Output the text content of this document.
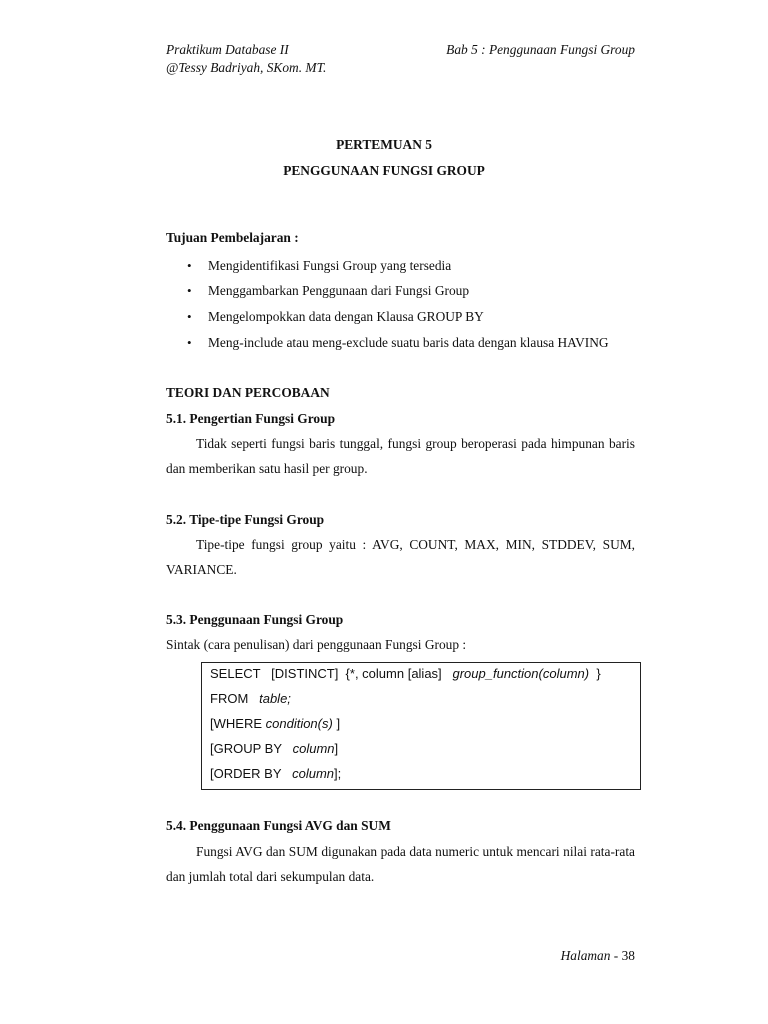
Praktikum Database II
@Tessy Badriyah, SKom. MT.
Bab 5 : Penggunaan Fungsi Group
PERTEMUAN 5
PENGGUNAAN FUNGSI GROUP
Tujuan Pembelajaran :
• Mengidentifikasi Fungsi Group yang tersedia
• Menggambarkan Penggunaan dari Fungsi Group
• Mengelompokkan data dengan Klausa GROUP BY
• Meng-include atau meng-exclude suatu baris data dengan klausa HAVING
TEORI DAN PERCOBAAN
5.1. Pengertian Fungsi Group
Tidak seperti fungsi baris tunggal, fungsi group beroperasi pada himpunan baris dan memberikan satu hasil per group.
5.2. Tipe-tipe Fungsi Group
Tipe-tipe fungsi group yaitu : AVG, COUNT, MAX, MIN, STDDEV, SUM, VARIANCE.
5.3. Penggunaan Fungsi Group
Sintak (cara penulisan) dari penggunaan Fungsi Group :
SELECT   [DISTINCT]  {*, column [alias]   group_function(column)  }
FROM   table;
[WHERE condition(s) ]
[GROUP BY   column]
[ORDER BY   column];
5.4. Penggunaan Fungsi AVG dan SUM
Fungsi AVG dan SUM digunakan pada data numeric untuk mencari nilai rata-rata dan jumlah total dari sekumpulan data.
Halaman - 38
